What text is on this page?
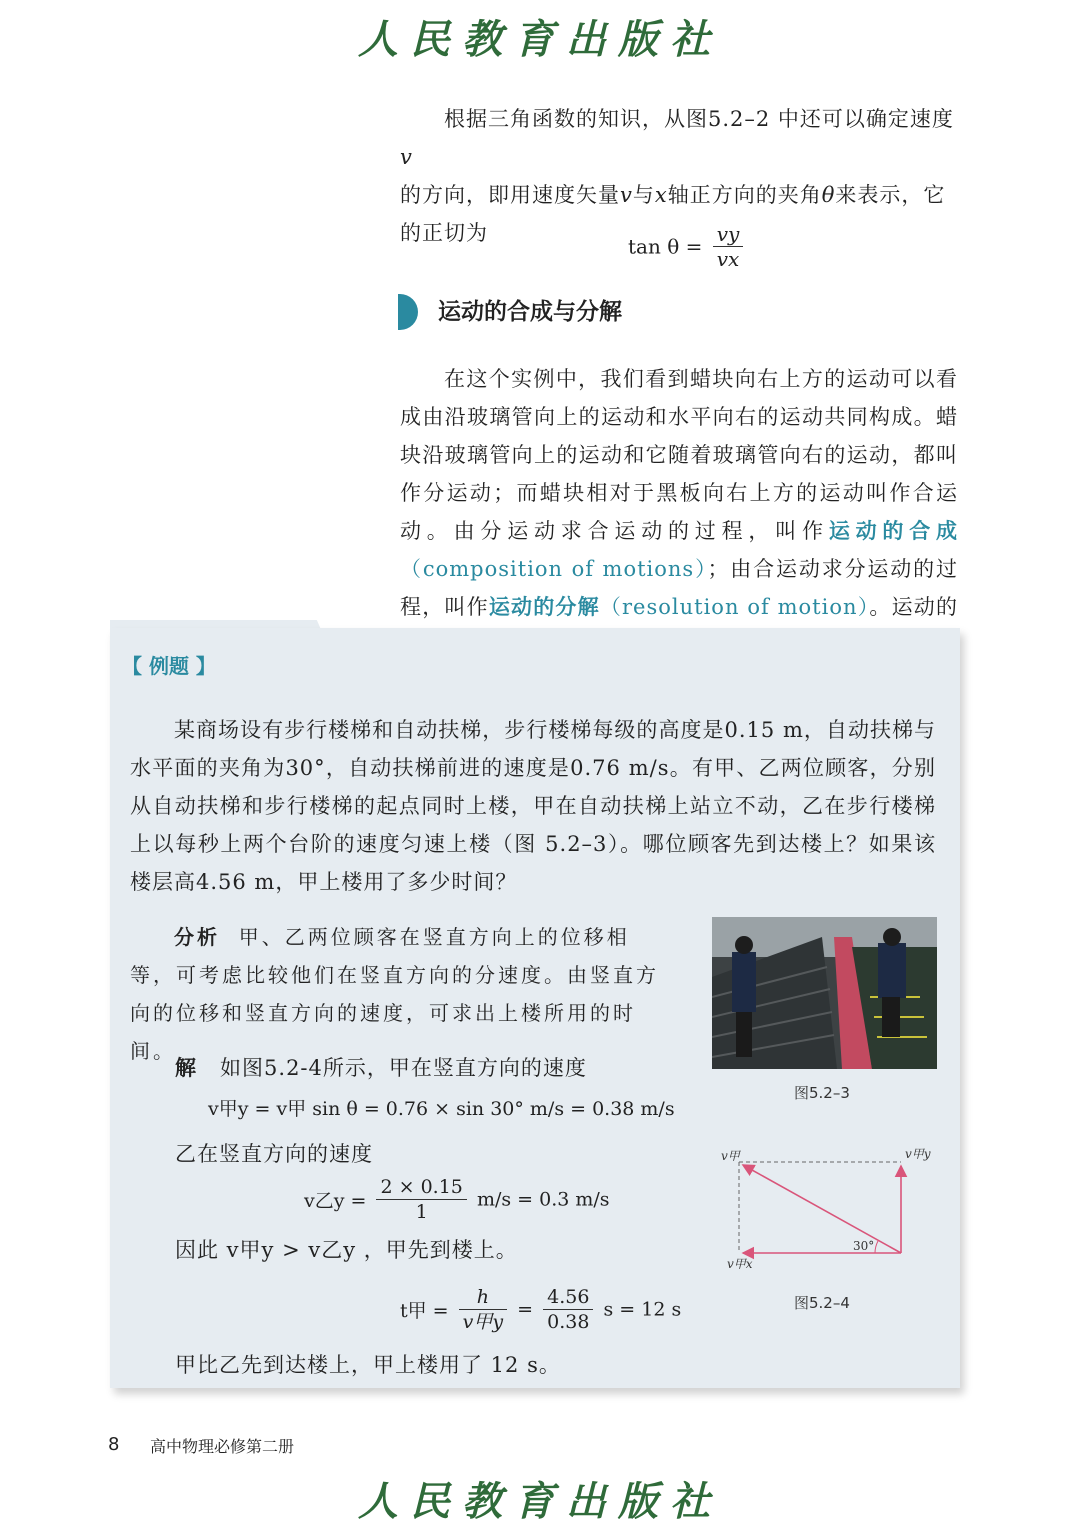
人民教育出版社
根据三角函数的知识，从图5.2–2 中还可以确定速度v
的方向，即用速度矢量v与x轴正方向的夹角θ来表示，它
的正切为
$\tan \theta = \frac{vy}{vx}$
运动的合成与分解
在这个实例中，我们看到蜡块向右上方的运动可以看成由沿玻璃管向上的运动和水平向右的运动共同构成。蜡块沿玻璃管向上的运动和它随着玻璃管向右的运动，都叫作分运动；而蜡块相对于黑板向右上方的运动叫作合运动。由分运动求合运动的过程，叫作运动的合成（composition of motions）；由合运动求分运动的过程，叫作运动的分解（resolution of motion）。运动的
【 例题 】
某商场设有步行楼梯和自动扶梯，步行楼梯每级的高度是0.15 m，自动扶梯与水平面的夹角为30°，自动扶梯前进的速度是0.76 m/s。有甲、乙两位顾客，分别从自动扶梯和步行楼梯的起点同时上楼，甲在自动扶梯上站立不动，乙在步行楼梯上以每秒上两个台阶的速度匀速上楼（图 5.2–3）。哪位顾客先到达楼上？如果该楼层高4.56 m，甲上楼用了多少时间？
分析 甲、乙两位顾客在竖直方向上的位移相等，可考虑比较他们在竖直方向的分速度。由竖直方向的位移和竖直方向的速度，可求出上楼所用的时间。
图5.2–3
解 如图5.2-4所示，甲在竖直方向的速度
v甲y = v甲 sin θ = 0.76 × sin 30° m/s = 0.38 m/s
乙在竖直方向的速度
v乙$y = \frac{2 \times 0.15}{1} m/s = 0.3$ m/s
因此 v甲y > v乙y ，甲先到楼上。
t甲 = $\frac{h}{\text{v甲y}} = \frac{4.56}{0.38}$ s = 12 s
甲比乙先到达楼上，甲上楼用了 12 s。
v甲	v甲y
v甲x
30°
图5.2–4
8 高中物理必修第二册
人民教育出版社
